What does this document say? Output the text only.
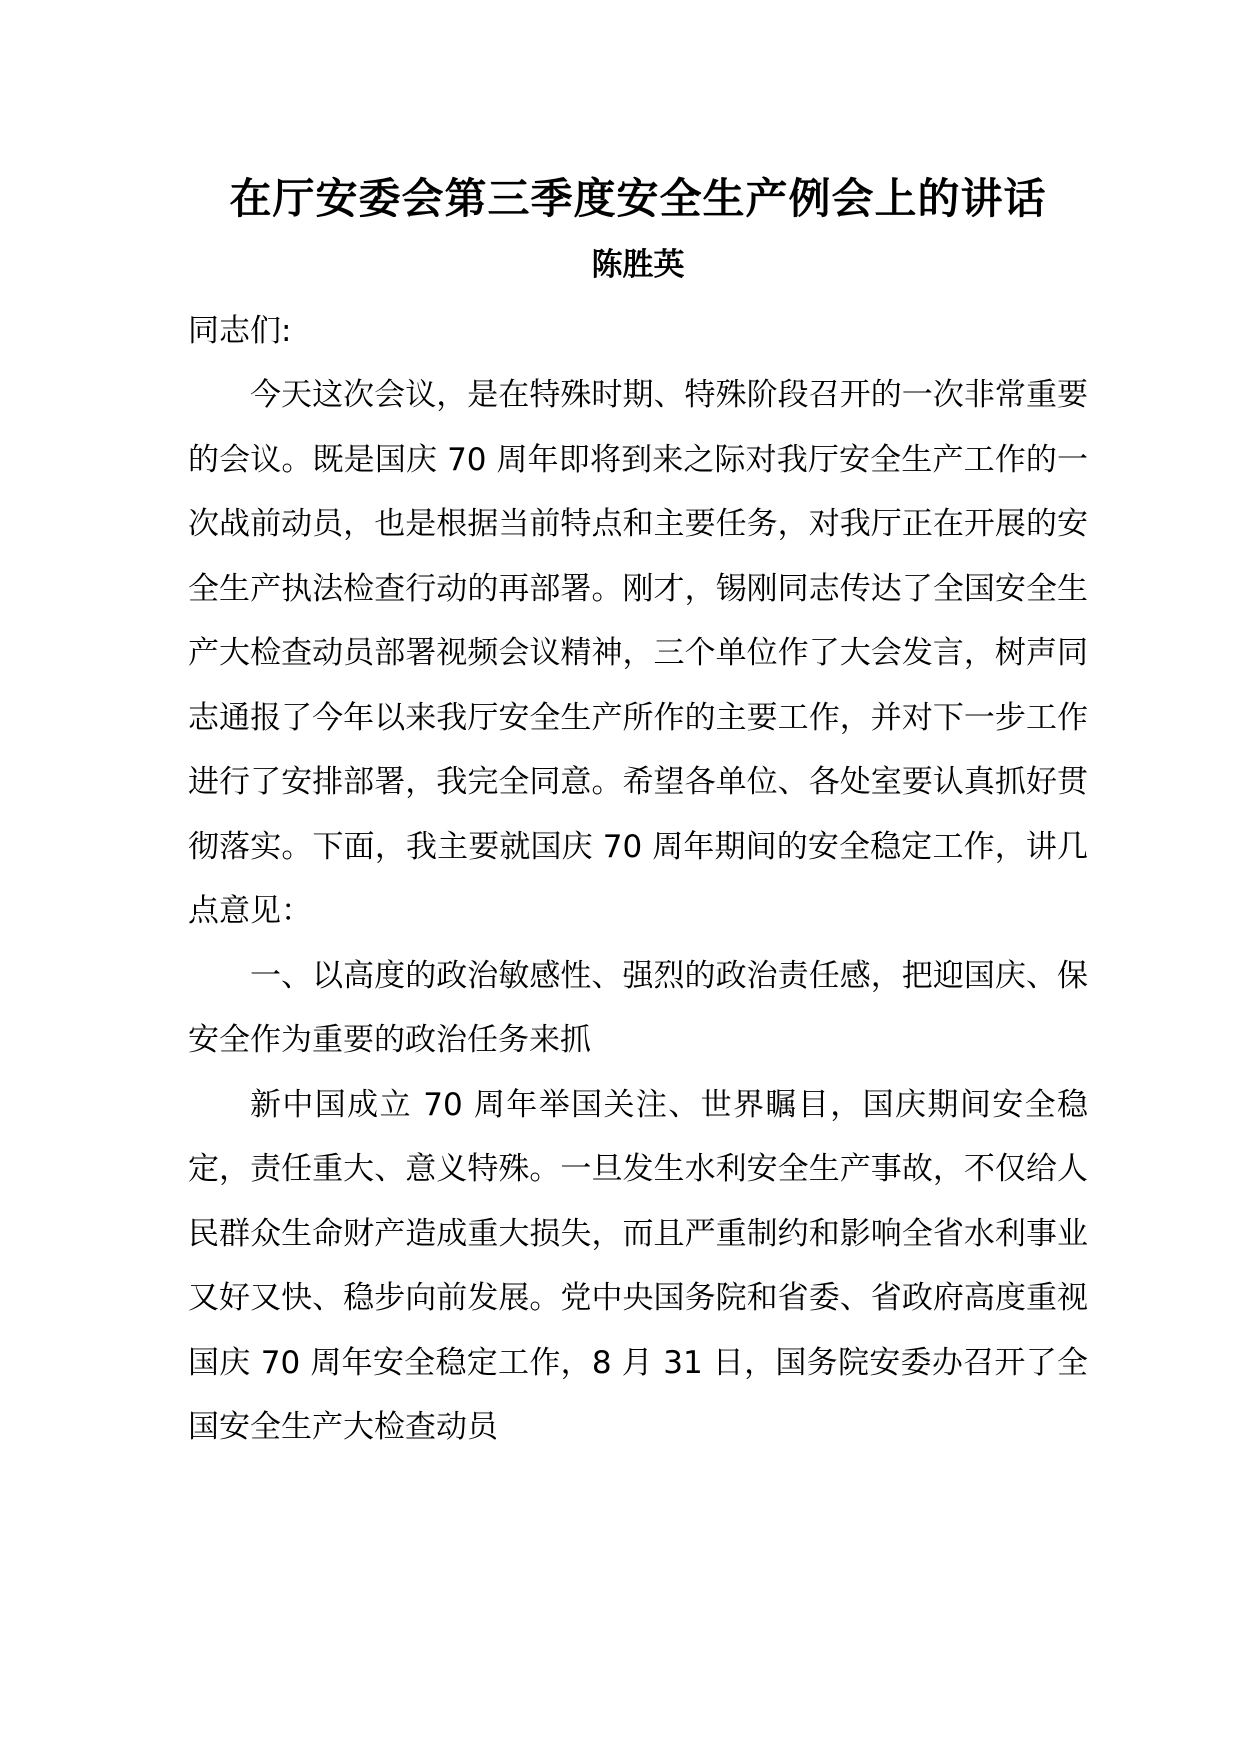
在厅安委会第三季度安全生产例会上的讲话
陈胜英

同志们:

今天这次会议，是在特殊时期、特殊阶段召开的一次非常重要的会议。既是国庆 70 周年即将到来之际对我厅安全生产工作的一次战前动员，也是根据当前特点和主要任务，对我厅正在开展的安全生产执法检查行动的再部署。刚才，锡刚同志传达了全国安全生产大检查动员部署视频会议精神，三个单位作了大会发言，树声同志通报了今年以来我厅安全生产所作的主要工作，并对下一步工作进行了安排部署，我完全同意。希望各单位、各处室要认真抓好贯彻落实。下面，我主要就国庆 70 周年期间的安全稳定工作，讲几点意见：

一、以高度的政治敏感性、强烈的政治责任感，把迎国庆、保安全作为重要的政治任务来抓

新中国成立 70 周年举国关注、世界瞩目，国庆期间安全稳定，责任重大、意义特殊。一旦发生水利安全生产事故，不仅给人民群众生命财产造成重大损失，而且严重制约和影响全省水利事业又好又快、稳步向前发展。党中央国务院和省委、省政府高度重视国庆 70 周年安全稳定工作，8 月 31 日，国务院安委办召开了全国安全生产大检查动员
